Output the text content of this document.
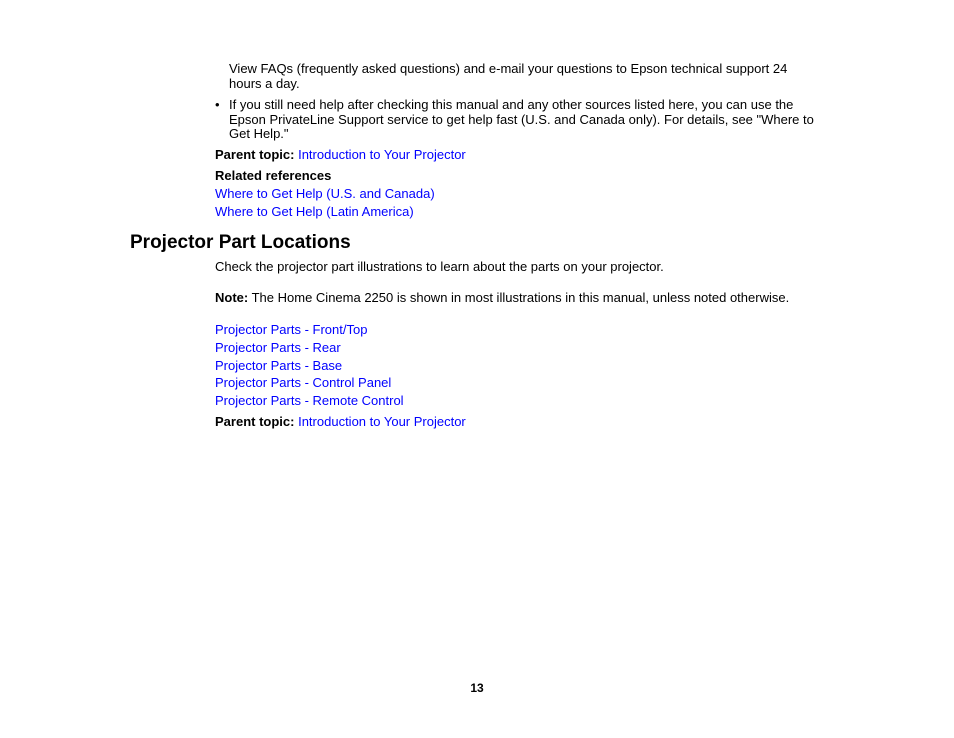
View FAQs (frequently asked questions) and e-mail your questions to Epson technical support 24 hours a day.
• If you still need help after checking this manual and any other sources listed here, you can use the Epson PrivateLine Support service to get help fast (U.S. and Canada only). For details, see "Where to Get Help."
Parent topic: Introduction to Your Projector
Related references
Where to Get Help (U.S. and Canada)
Where to Get Help (Latin America)
Projector Part Locations
Check the projector part illustrations to learn about the parts on your projector.
Note: The Home Cinema 2250 is shown in most illustrations in this manual, unless noted otherwise.
Projector Parts - Front/Top
Projector Parts - Rear
Projector Parts - Base
Projector Parts - Control Panel
Projector Parts - Remote Control
Parent topic: Introduction to Your Projector
13
